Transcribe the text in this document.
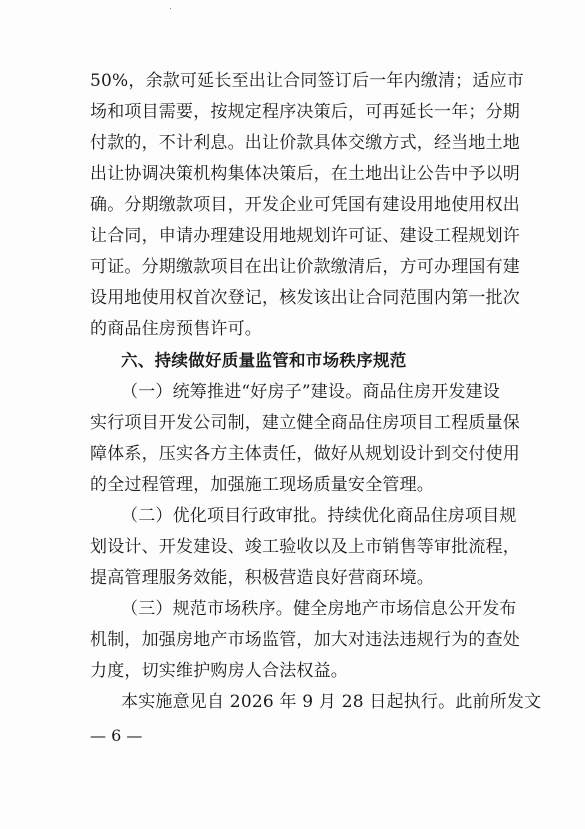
50%，余款可延长至出让合同签订后一年内缴清；适应市
场和项目需要，按规定程序决策后，可再延长一年；分期
付款的，不计利息。出让价款具体交缴方式，经当地土地
出让协调决策机构集体决策后，在土地出让公告中予以明
确。分期缴款项目，开发企业可凭国有建设用地使用权出
让合同，申请办理建设用地规划许可证、建设工程规划许
可证。分期缴款项目在出让价款缴清后，方可办理国有建
设用地使用权首次登记，核发该出让合同范围内第一批次
的商品住房预售许可。
六、持续做好质量监管和市场秩序规范
（一）统筹推进“好房子”建设。商品住房开发建设
实行项目开发公司制，建立健全商品住房项目工程质量保
障体系，压实各方主体责任，做好从规划设计到交付使用
的全过程管理，加强施工现场质量安全管理。
（二）优化项目行政审批。持续优化商品住房项目规
划设计、开发建设、竣工验收以及上市销售等审批流程，
提高管理服务效能，积极营造良好营商环境。
（三）规范市场秩序。健全房地产市场信息公开发布
机制，加强房地产市场监管，加大对违法违规行为的查处
力度，切实维护购房人合法权益。
本实施意见自 2026 年 9 月 28 日起执行。此前所发文
— 6 —
